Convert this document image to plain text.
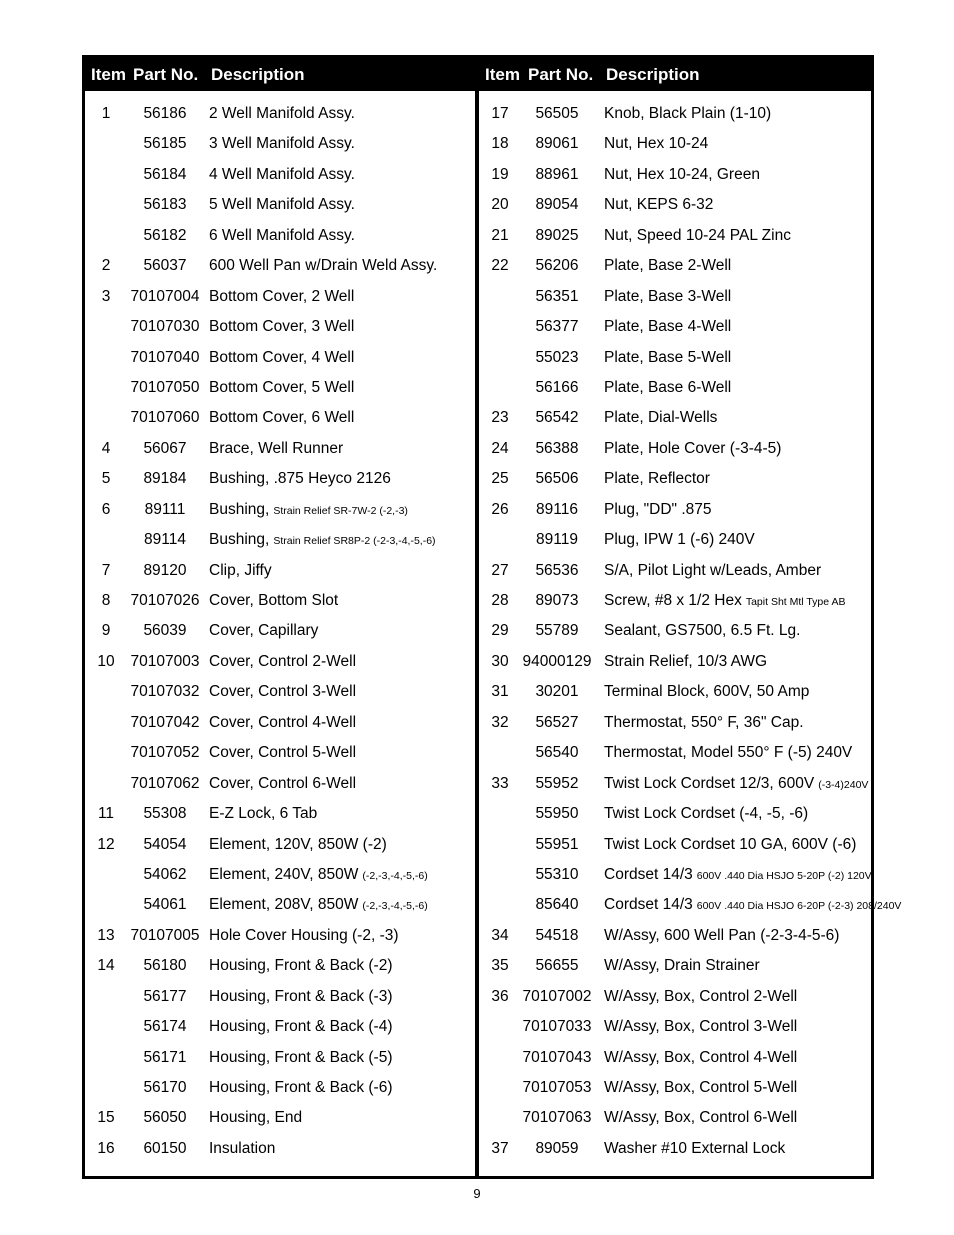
Item Part No. Description	Item Part No. Description
1	56186	2 Well Manifold Assy.
56185	3 Well Manifold Assy.
56184	4 Well Manifold Assy.
56183	5 Well Manifold Assy.
56182	6 Well Manifold Assy.
2	56037	600 Well Pan w/Drain Weld Assy.
3	70107004 Bottom Cover, 2 Well
70107030 Bottom Cover, 3 Well
70107040 Bottom Cover, 4 Well
70107050 Bottom Cover, 5 Well
70107060 Bottom Cover, 6 Well
4	56067	Brace, Well Runner
5	89184	Bushing, .875 Heyco 2126
6	89111	Bushing, Strain Relief SR-7W-2 (-2,-3)
89114	Bushing, Strain Relief SR8P-2 (-2-3,-4,-5,-6)
7	89120	Clip, Jiffy
8	70107026 Cover, Bottom Slot
9	56039	Cover, Capillary
10	70107003 Cover, Control 2-Well
70107032 Cover, Control 3-Well
70107042 Cover, Control 4-Well
70107052 Cover, Control 5-Well
70107062 Cover, Control 6-Well
11	55308	E-Z Lock, 6 Tab
12	54054	Element, 120V, 850W (-2)
54062	Element, 240V, 850W (-2,-3,-4,-5,-6)
54061	Element, 208V, 850W (-2,-3,-4,-5,-6)
13	70107005 Hole Cover Housing (-2, -3)
14	56180	Housing, Front & Back (-2)
56177	Housing, Front & Back (-3)
56174	Housing, Front & Back (-4)
56171	Housing, Front & Back (-5)
56170	Housing, Front & Back (-6)
15	56050	Housing, End
16	60150	Insulation
17	56505	Knob, Black Plain (1-10)
18	89061	Nut, Hex 10-24
19	88961	Nut, Hex 10-24, Green
20	89054	Nut, KEPS 6-32
21	89025	Nut, Speed 10-24 PAL Zinc
22	56206	Plate, Base 2-Well
56351	Plate, Base 3-Well
56377	Plate, Base 4-Well
55023	Plate, Base 5-Well
56166	Plate, Base 6-Well
23	56542	Plate, Dial-Wells
24	56388	Plate, Hole Cover (-3-4-5)
25	56506	Plate, Reflector
26	89116	Plug, "DD" .875
89119	Plug, IPW 1 (-6) 240V
27	56536	S/A, Pilot Light w/Leads, Amber
28	89073	Screw, #8 x 1/2 Hex Tapit Sht Mtl Type AB
29	55789	Sealant, GS7500, 6.5 Ft. Lg.
30 94000129 Strain Relief, 10/3 AWG
31	30201	Terminal Block, 600V, 50 Amp
32	56527	Thermostat, 550° F, 36" Cap.
56540	Thermostat, Model 550° F (-5) 240V
33	55952	Twist Lock Cordset 12/3, 600V (-3-4)240V
55950	Twist Lock Cordset (-4, -5, -6)
55951	Twist Lock Cordset 10 GA, 600V (-6)
55310	Cordset 14/3 600V .440 Dia HSJO 5-20P (-2) 120V
85640	Cordset 14/3 600V .440 Dia HSJO 6-20P (-2-3) 208/240V
34	54518	W/Assy, 600 Well Pan (-2-3-4-5-6)
35	56655	W/Assy, Drain Strainer
36 70107002 W/Assy, Box, Control 2-Well
70107033 W/Assy, Box, Control 3-Well
70107043 W/Assy, Box, Control 4-Well
70107053 W/Assy, Box, Control 5-Well
70107063 W/Assy, Box, Control 6-Well
37	89059	Washer #10 External Lock
9
